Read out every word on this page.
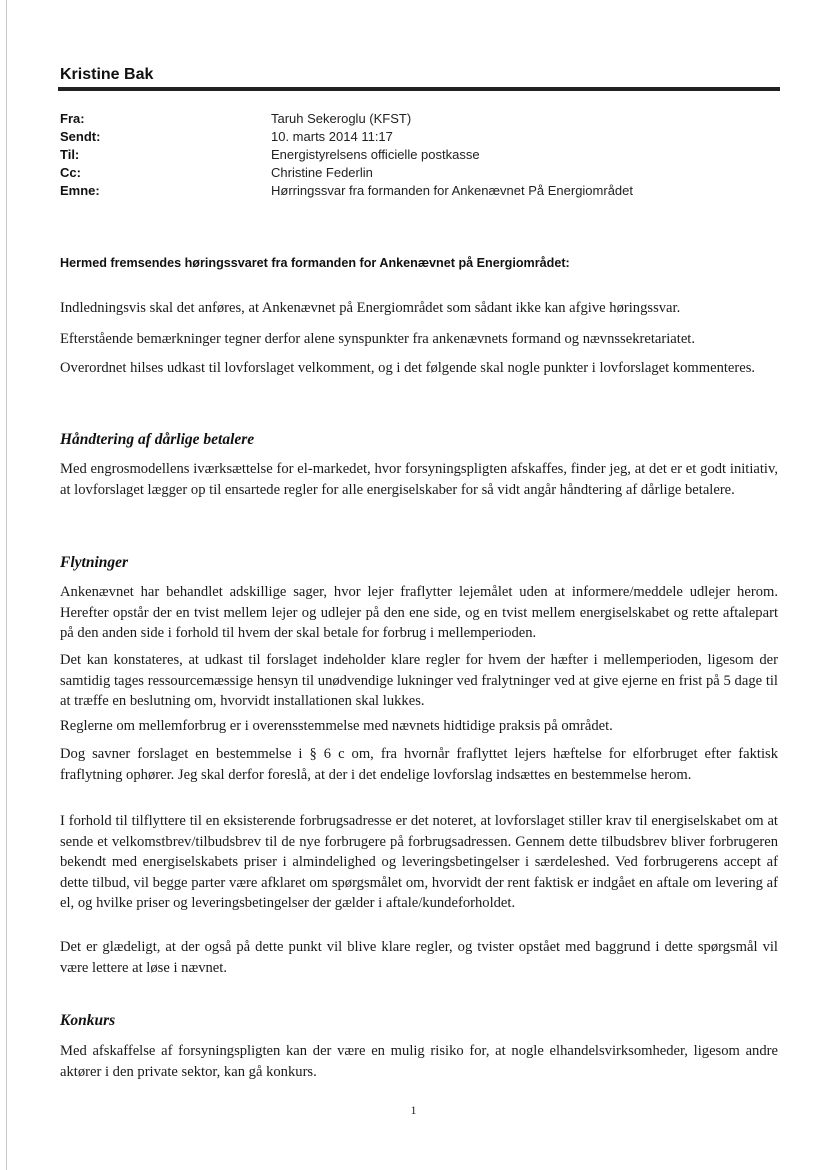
Kristine Bak
Fra:	Taruh Sekeroglu (KFST)
Sendt:	10. marts 2014 11:17
Til:	Energistyrelsens officielle postkasse
Cc:	Christine Federlin
Emne:	Hørringssvar fra formanden for Ankenævnet På Energiområdet
Hermed fremsendes høringssvaret fra formanden for Ankenævnet på Energiområdet:
Indledningsvis skal det anføres, at Ankenævnet på Energiområdet som sådant ikke kan afgive høringssvar.
Efterstående bemærkninger tegner derfor alene synspunkter fra ankenævnets formand og nævnssekretariatet.
Overordnet hilses udkast til lovforslaget velkomment, og i det følgende skal nogle punkter i lovforslaget kommenteres.
Håndtering af dårlige betalere
Med engrosmodellens iværksættelse for el-markedet, hvor forsyningspligten afskaffes, finder jeg, at det er et godt initiativ, at lovforslaget lægger op til ensartede regler for alle energiselskaber for så vidt angår håndtering af dårlige betalere.
Flytninger
Ankenævnet har behandlet adskillige sager, hvor lejer fraflytter lejemålet uden at informere/meddele udlejer herom. Herefter opstår der en tvist mellem lejer og udlejer på den ene side, og en tvist mellem energiselskabet og rette aftalepart på den anden side i forhold til hvem der skal betale for forbrug i mellemperioden.
Det kan konstateres, at udkast til forslaget indeholder klare regler for hvem der hæfter i mellemperioden, ligesom der samtidig tages ressourcemæssige hensyn til unødvendige lukninger ved fralytninger ved at give ejerne en frist på 5 dage til at træffe en beslutning om, hvorvidt installationen skal lukkes.
Reglerne om mellemforbrug er i overensstemmelse med nævnets hidtidige praksis på området.
Dog savner forslaget en bestemmelse i § 6 c om, fra hvornår fraflyttet lejers hæftelse for elforbruget efter faktisk fraflytning ophører. Jeg skal derfor foreslå, at der i det endelige lovforslag indsættes en bestemmelse herom.
I forhold til tilflyttere til en eksisterende forbrugsadresse er det noteret, at lovforslaget stiller krav til energiselskabet om at sende et velkomstbrev/tilbudsbrev til de nye forbrugere på forbrugsadressen. Gennem dette tilbudsbrev bliver forbrugeren bekendt med energiselskabets priser i almindelighed og leveringsbetingelser i særdeleshed. Ved forbrugerens accept af dette tilbud, vil begge parter være afklaret om spørgsmålet om, hvorvidt der rent faktisk er indgået en aftale om levering af el, og hvilke priser og leveringsbetingelser der gælder i aftale/kundeforholdet.
Det er glædeligt, at der også på dette punkt vil blive klare regler, og tvister opstået med baggrund i dette spørgsmål vil være lettere at løse i nævnet.
Konkurs
Med afskaffelse af forsyningspligten kan der være en mulig risiko for, at nogle elhandelsvirksomheder, ligesom andre aktører i den private sektor, kan gå konkurs.
1
